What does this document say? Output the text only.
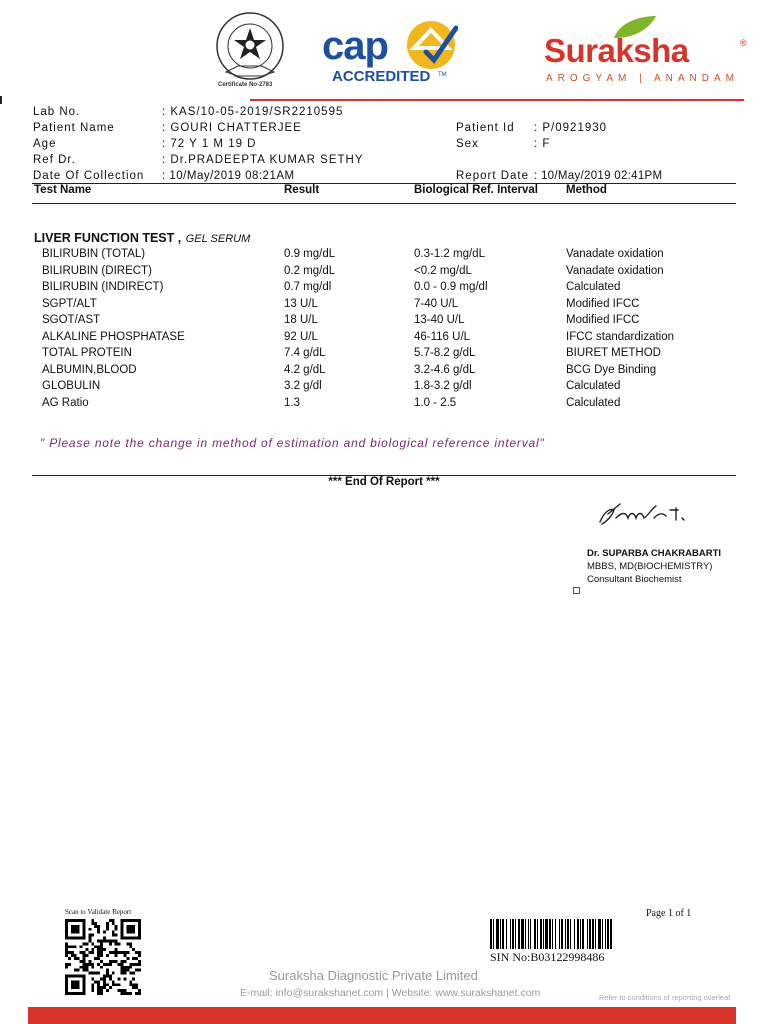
Certificate No-2783
cap
ACCREDITED TM
Suraksha	®
AROGYAM | ANANDAM
Lab No.	: KAS/10-05-2019/SR2210595
Patient Name	: GOURI CHATTERJEE	Patient Id : P/0921930
Age	: 72 Y 1 M 19 D	Sex	: F
Ref Dr.	: Dr.PRADEEPTA KUMAR SETHY
Date Of Collection : 10/May/2019 08:21AM	Report Date : 10/May/2019 02:41PM
Test Name	Result	Biological Ref. Interval Method
LIVER FUNCTION TEST , GEL SERUM
BILIRUBIN (TOTAL)	0.9 mg/dL	0.3-1.2 mg/dL	Vanadate oxidation
BILIRUBIN (DIRECT)	0.2 mg/dL	<0.2 mg/dL	Vanadate oxidation
BILIRUBIN (INDIRECT)	0.7 mg/dl	0.0 - 0.9 mg/dl	Calculated
SGPT/ALT	13 U/L	7-40 U/L	Modified IFCC
SGOT/AST	18 U/L	13-40 U/L	Modified IFCC
ALKALINE PHOSPHATASE	92 U/L	46-116 U/L	IFCC standardization
TOTAL PROTEIN	7.4 g/dL	5.7-8.2 g/dL	BIURET METHOD
ALBUMIN,BLOOD	4.2 g/dL	3.2-4.6 g/dL	BCG Dye Binding
GLOBULIN	3.2 g/dl	1.8-3.2 g/dl	Calculated
AG Ratio	1.3	1.0 - 2.5	Calculated
" Please note the change in method of estimation and biological reference interval"
*** End Of Report ***
Dr. SUPARBA CHAKRABARTI
MBBS, MD(BIOCHEMISTRY)
Consultant Biochemist
Scan to Validate Report	Page 1 of 1
SIN No:B03122998486
Suraksha Diagnostic Private Limited
E-mail: info@surakshanet.com | Website: www.surakshanet.com	Refer to conditions of reporting overleaf
